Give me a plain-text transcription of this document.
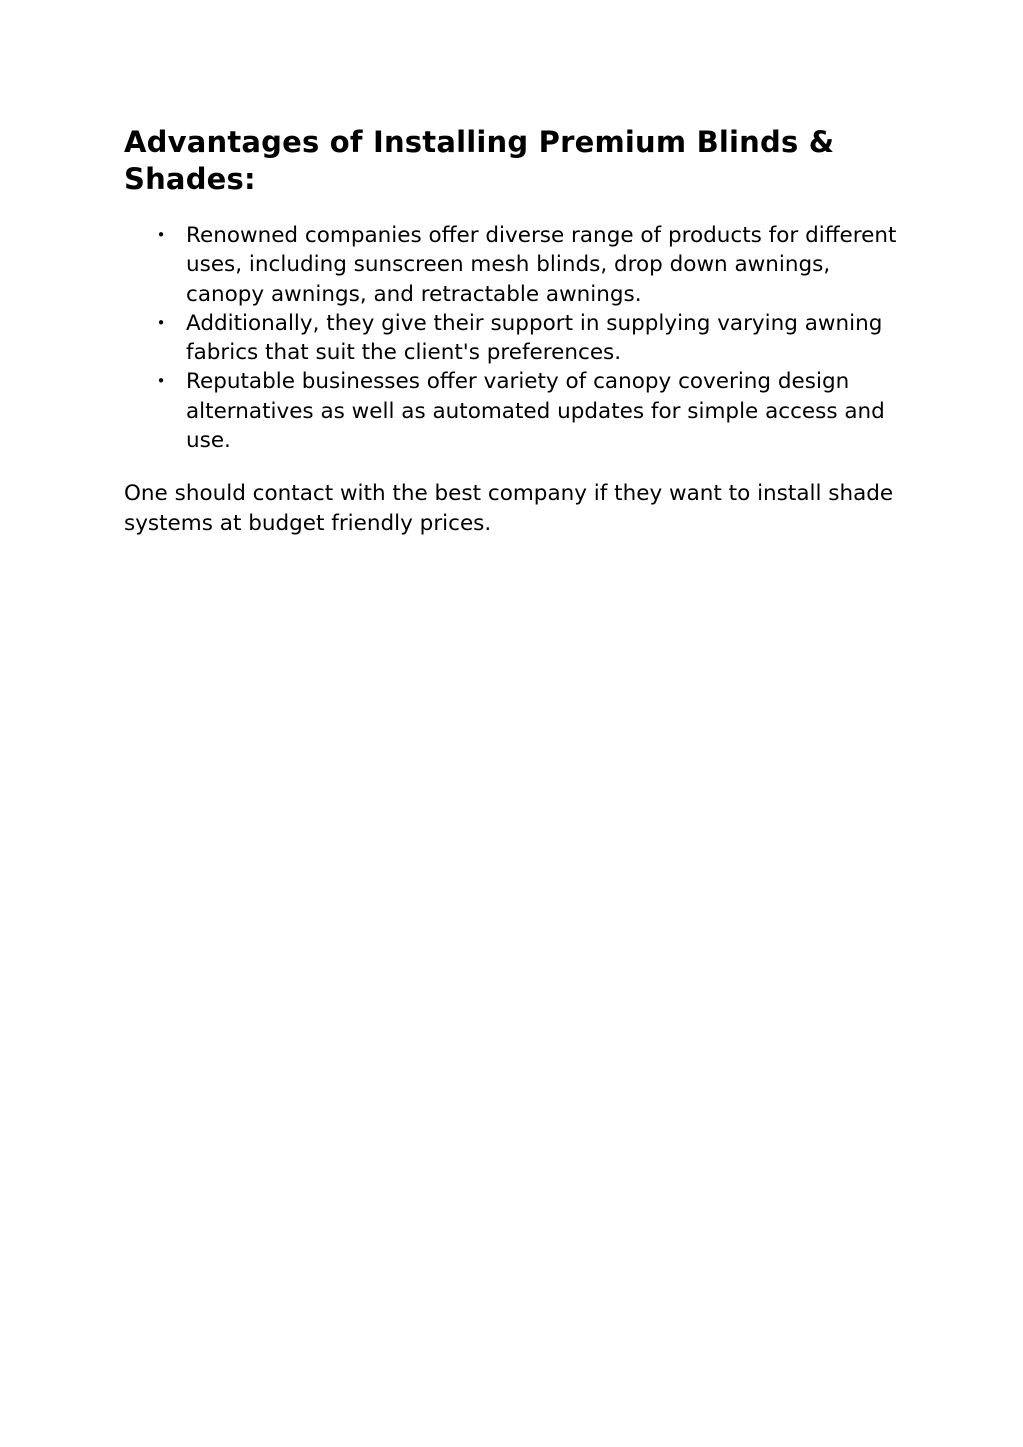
Advantages of Installing Premium Blinds & Shades:
• Renowned companies offer diverse range of products for different uses, including sunscreen mesh blinds, drop down awnings, canopy awnings, and retractable awnings.
• Additionally, they give their support in supplying varying awning fabrics that suit the client's preferences.
• Reputable businesses offer variety of canopy covering design alternatives as well as automated updates for simple access and use.

One should contact with the best company if they want to install shade systems at budget friendly prices.
